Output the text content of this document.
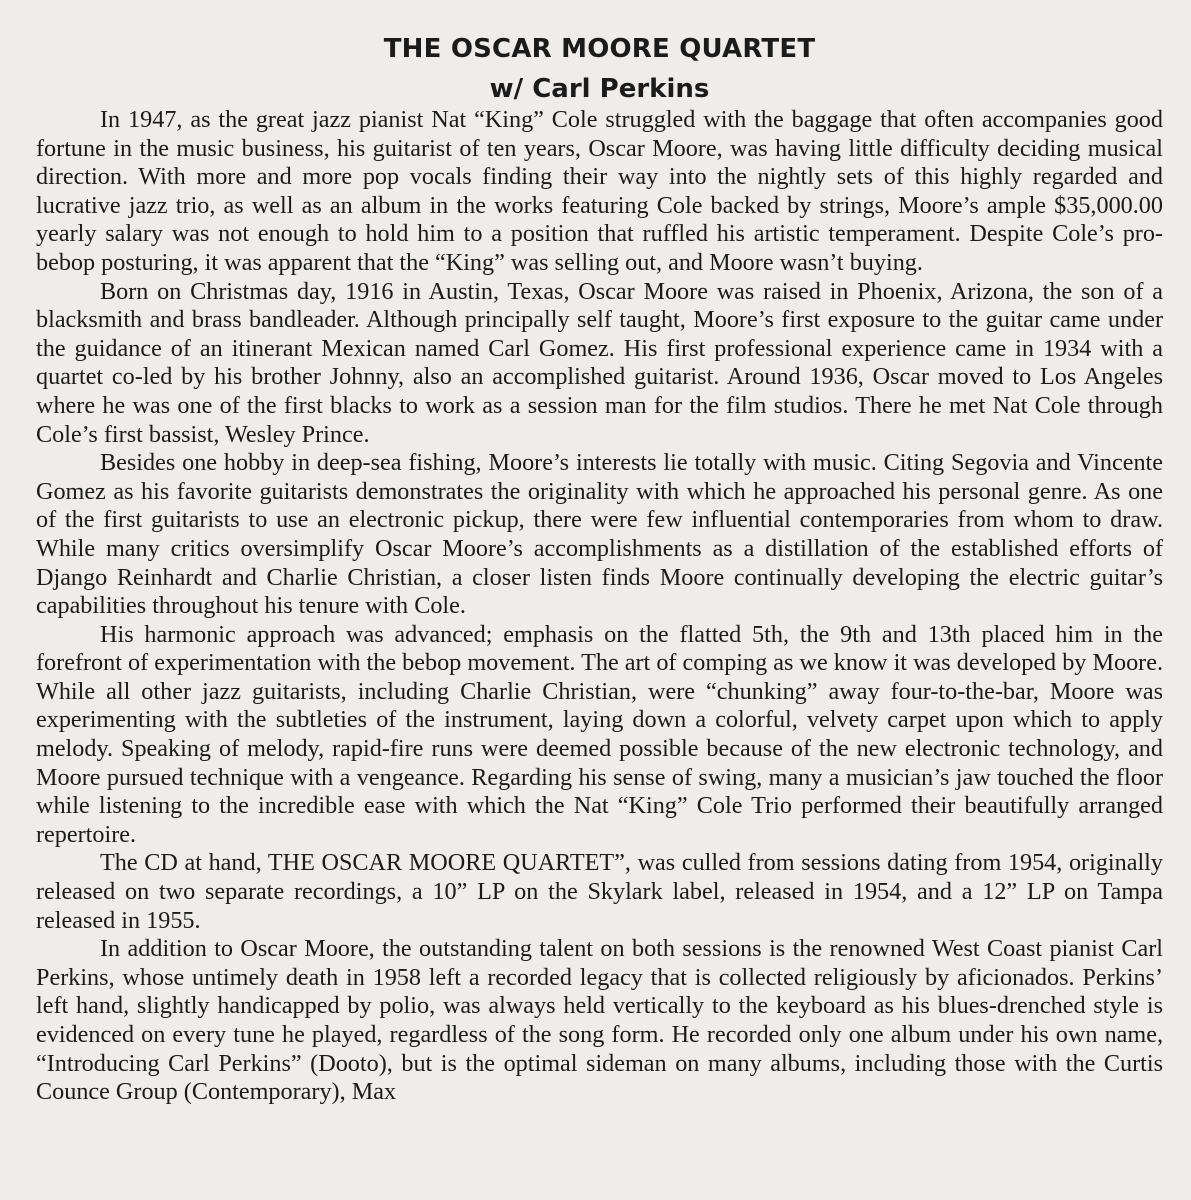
THE OSCAR MOORE QUARTET
w/ Carl Perkins

In 1947, as the great jazz pianist Nat “King” Cole struggled with the baggage that often accompanies good fortune in the music business, his guitarist of ten years, Oscar Moore, was having little difficulty deciding musical direction. With more and more pop vocals finding their way into the nightly sets of this highly regarded and lucrative jazz trio, as well as an album in the works featuring Cole backed by strings, Moore’s ample $35,000.00 yearly salary was not enough to hold him to a position that ruffled his artistic temperament. Despite Cole’s pro-bebop posturing, it was apparent that the “King” was selling out, and Moore wasn’t buying.

Born on Christmas day, 1916 in Austin, Texas, Oscar Moore was raised in Phoenix, Arizona, the son of a blacksmith and brass bandleader. Although principally self taught, Moore’s first exposure to the guitar came under the guidance of an itinerant Mexican named Carl Gomez. His first professional experience came in 1934 with a quartet co-led by his brother Johnny, also an accomplished guitarist. Around 1936, Oscar moved to Los Angeles where he was one of the first blacks to work as a session man for the film studios. There he met Nat Cole through Cole’s first bassist, Wesley Prince.

Besides one hobby in deep-sea fishing, Moore’s interests lie totally with music. Citing Segovia and Vincente Gomez as his favorite guitarists demonstrates the originality with which he approached his personal genre. As one of the first guitarists to use an electronic pickup, there were few influential contemporaries from whom to draw. While many critics oversimplify Oscar Moore’s accomplishments as a distillation of the established efforts of Django Reinhardt and Charlie Christian, a closer listen finds Moore continually developing the electric guitar’s capabilities throughout his tenure with Cole.

His harmonic approach was advanced; emphasis on the flatted 5th, the 9th and 13th placed him in the forefront of experimentation with the bebop movement. The art of comping as we know it was developed by Moore. While all other jazz guitarists, including Charlie Christian, were “chunking” away four-to-the-bar, Moore was experimenting with the subtleties of the instrument, laying down a colorful, velvety carpet upon which to apply melody. Speaking of melody, rapid-fire runs were deemed possible because of the new electronic technology, and Moore pursued technique with a vengeance. Regarding his sense of swing, many a musician’s jaw touched the floor while listening to the incredible ease with which the Nat “King” Cole Trio performed their beautifully arranged repertoire.

The CD at hand, THE OSCAR MOORE QUARTET”, was culled from sessions dating from 1954, originally released on two separate recordings, a 10” LP on the Skylark label, released in 1954, and a 12” LP on Tampa released in 1955.

In addition to Oscar Moore, the outstanding talent on both sessions is the renowned West Coast pianist Carl Perkins, whose untimely death in 1958 left a recorded legacy that is collected religiously by aficionados. Perkins’ left hand, slightly handicapped by polio, was always held vertically to the keyboard as his blues-drenched style is evidenced on every tune he played, regardless of the song form. He recorded only one album under his own name, “Introducing Carl Perkins” (Dooto), but is the optimal sideman on many albums, including those with the Curtis Counce Group (Contemporary), Max
